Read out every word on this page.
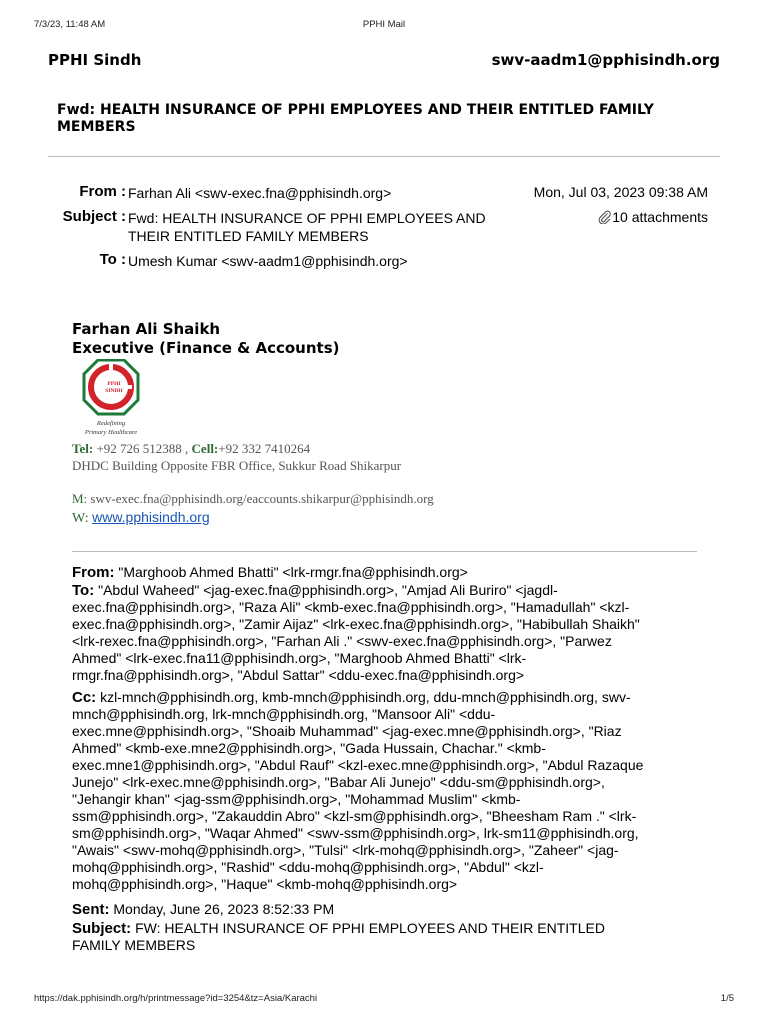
7/3/23, 11:48 AM	PPHI Mail
PPHI Sindh	swv-aadm1@pphisindh.org
Fwd: HEALTH INSURANCE OF PPHI EMPLOYEES AND THEIR ENTITLED FAMILY MEMBERS
From : Farhan Ali <swv-exec.fna@pphisindh.org>	Mon, Jul 03, 2023 09:38 AM
Subject : Fwd: HEALTH INSURANCE OF PPHI EMPLOYEES AND
THEIR ENTITLED FAMILY MEMBERS
10 attachments
To : Umesh Kumar <swv-aadm1@pphisindh.org>
Farhan Ali Shaikh
Executive (Finance & Accounts)
PPHI
SINDH
Redefining
Primary Healthcare
Tel: +92 726 512388 , Cell:+92 332 7410264
DHDC Building Opposite FBR Office, Sukkur Road Shikarpur
M: swv-exec.fna@pphisindh.org/eaccounts.shikarpur@pphisindh.org
W: www.pphisindh.org
From: "Marghoob Ahmed Bhatti" <lrk-rmgr.fna@pphisindh.org>
To: "Abdul Waheed" <jag-exec.fna@pphisindh.org>, "Amjad Ali Buriro" <jagdl-
exec.fna@pphisindh.org>, "Raza Ali" <kmb-exec.fna@pphisindh.org>, "Hamadullah" <kzl-
exec.fna@pphisindh.org>, "Zamir Aijaz" <lrk-exec.fna@pphisindh.org>, "Habibullah Shaikh"
<lrk-rexec.fna@pphisindh.org>, "Farhan Ali ." <swv-exec.fna@pphisindh.org>, "Parwez
Ahmed" <lrk-exec.fna11@pphisindh.org>, "Marghoob Ahmed Bhatti" <lrk-
rmgr.fna@pphisindh.org>, "Abdul Sattar" <ddu-exec.fna@pphisindh.org>
Cc: kzl-mnch@pphisindh.org, kmb-mnch@pphisindh.org, ddu-mnch@pphisindh.org, swv-
mnch@pphisindh.org, lrk-mnch@pphisindh.org, "Mansoor Ali" <ddu-
exec.mne@pphisindh.org>, "Shoaib Muhammad" <jag-exec.mne@pphisindh.org>, "Riaz
Ahmed" <kmb-exe.mne2@pphisindh.org>, "Gada Hussain, Chachar." <kmb-
exec.mne1@pphisindh.org>, "Abdul Rauf" <kzl-exec.mne@pphisindh.org>, "Abdul Razaque
Junejo" <lrk-exec.mne@pphisindh.org>, "Babar Ali Junejo" <ddu-sm@pphisindh.org>,
"Jehangir khan" <jag-ssm@pphisindh.org>, "Mohammad Muslim" <kmb-
ssm@pphisindh.org>, "Zakauddin Abro" <kzl-sm@pphisindh.org>, "Bheesham Ram ." <lrk-
sm@pphisindh.org>, "Waqar Ahmed" <swv-ssm@pphisindh.org>, lrk-sm11@pphisindh.org,
"Awais" <swv-mohq@pphisindh.org>, "Tulsi" <lrk-mohq@pphisindh.org>, "Zaheer" <jag-
mohq@pphisindh.org>, "Rashid" <ddu-mohq@pphisindh.org>, "Abdul" <kzl-
mohq@pphisindh.org>, "Haque" <kmb-mohq@pphisindh.org>
Sent: Monday, June 26, 2023 8:52:33 PM
Subject: FW: HEALTH INSURANCE OF PPHI EMPLOYEES AND THEIR ENTITLED
FAMILY MEMBERS
https://dak.pphisindh.org/h/printmessage?id=3254&tz=Asia/Karachi	1/5
